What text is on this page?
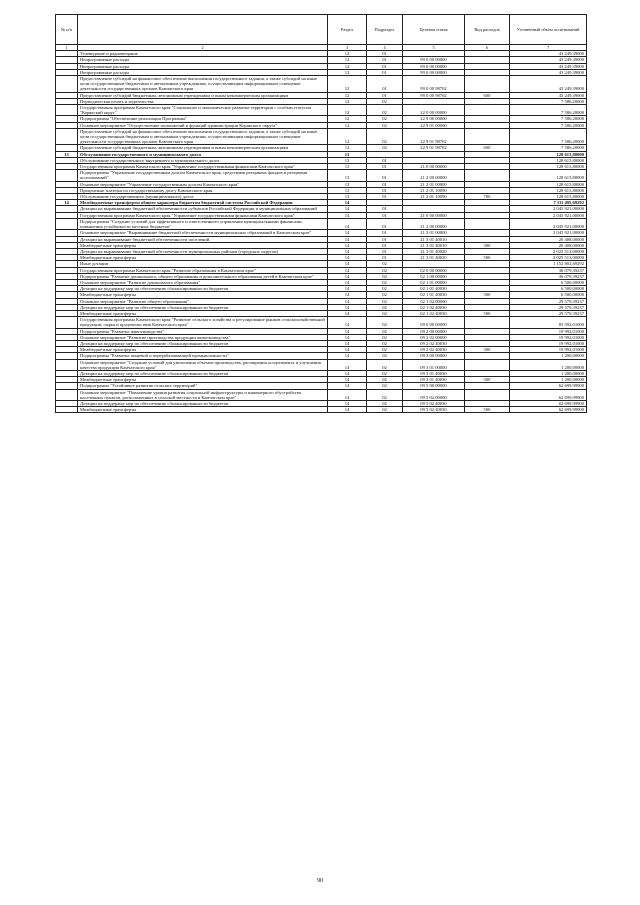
№ п/п		Раздел	Подраздел	Целевая статья	Вид расходов	Уточнённый объём ассигнований
1	2	3	4	5	6	7
	Телевидение и радиовещание	12	01			43 249,39000
	Непрограммные расходы	12	01	99 0 00 00000		43 249,39000
	Непрограммные расходы	12	01	99 0 00 00000		43 249,39000
	Непрограммные расходы	12	01	99 0 00 00000		43 249,39000
	Предоставление субсидий на финансовое обеспечение выполнения государственного задания, а также субсидий на иные цели государственным бюджетным и автономным учреждениям, осуществляющим информационное освещение деятельности государственных органов Камчатского края	12	01	99 0 00 98702		43 249,39000
	Предоставление субсидий бюджетным, автономным учреждениям и иным некоммерческим организациям	12	01	99 0 00 98702	600	43 249,39000
	Периодическая печать и издательства	12	02			7 586,20000
	Государственная программа Камчатского края "Социальное и экономическое развитие территории с особым статусом "Корякский округ"	12	02	22 0 00 00000		7 586,20000
	Подпрограмма "Обеспечение реализации Программы"	12	02	22 9 00 00000		7 586,20000
	Основное мероприятие "Осуществление полномочий и функций администрации Корякского округа"	12	02	22 9 01 00000		7 586,20000
	Предоставление субсидий на финансовое обеспечение выполнения государственного задания, а также субсидий на иные цели государственным бюджетным и автономным учреждениям, осуществляющим информационное освещение деятельности государственных органов Камчатского края	12	02	22 9 01 98702		7 586,20000
	Предоставление субсидий бюджетным, автономным учреждениям и иным некоммерческим организациям	12	02	22 9 01 98702	600	7 586,20000
13	Обслуживание государственного и муниципального долга	13				128 615,80000
	Обслуживание государственного внутреннего и муниципального долга	13	01			128 615,80000
	Государственная программа Камчатского края "Управление государственными финансами Камчатского края"	13	01	21 0 00 00000		128 615,80000
	Подпрограмма "Управление государственным долгом Камчатского края, средствами резервных фондов и резервами ассигнований"	13	01	21 2 00 00000		128 615,80000
	Основное мероприятие "Управление государственным долгом Камчатского края"	13	01	21 2 01 00000		128 615,80000
	Процентные платежи по государственному долгу Камчатского края	13	01	21 2 01 10090		128 615,80000
	Обслуживание государственного (муниципального) долга	13	01	21 2 01 10090	700	128 615,80000
14	Межбюджетные трансферты общего характера бюджетам бюджетной системы Российской Федерации	14				7 111 495,69292
	Дотации на выравнивание бюджетной обеспеченности субъектов Российской Федерации и муниципальных образований	14	01			2 045 921,00000
	Государственная программа Камчатского края "Управление государственными финансами Камчатского края"	14	01	21 0 00 00000		2 045 921,00000
	Подпрограмма "Создание условий для эффективного и ответственного управления муниципальными финансами, повышения устойчивости местных бюджетов"	14	01	21 3 00 00000		2 045 921,00000
	Основное мероприятие "Выравнивание бюджетной обеспеченности муниципальных образований в Камчатском крае"	14	01	21 3 01 00000		2 045 921,00000
	Дотации на выравнивание бюджетной обеспеченности поселений	14	01	21 3 01 40010		20 408,00000
	Межбюджетные трансферты	14	01	21 3 01 40010	500	20 408,00000
	Дотации на выравнивание бюджетной обеспеченности муниципальных районов (городских округов)	14	01	21 3 01 40020		2 025 513,00000
	Межбюджетные трансферты	14	01	21 3 01 40020	500	2 025 513,00000
	Иные дотации	14	02			1 152 802,69292
	Государственная программа Камчатского края "Развитие образования в Камчатском крае"	14	02	02 0 00 00000		36 079,39237
	Подпрограмма "Развитие дошкольного, общего образования и дополнительного образования детей в Камчатском крае"	14	02	02 1 00 00000		36 079,39237
	Основное мероприятие "Развитие дошкольного образования"	14	02	02 1 01 00000		6 500,00000
	Дотации на поддержку мер по обеспечению сбалансированности бюджетов	14	02	02 1 01 40030		6 500,00000
	Межбюджетные трансферты	14	02	02 1 01 40030	500	6 500,00000
	Основное мероприятие "Развитие общего образования"	14	02	02 1 02 00000		29 579,39237
	Дотации на поддержку мер по обеспечению сбалансированности бюджетов	14	02	02 1 02 40030		29 579,39237
	Межбюджетные трансферты	14	02	02 1 02 40030	500	29 579,39237
	Государственная программа Камчатского края "Развитие сельского хозяйства и регулирование рынков сельскохозяйственной продукции, сырья и продовольствия Камчатского края"	14	02	09 0 00 00000		83 592,01000
	Подпрограмма "Развитие животноводства"	14	02	09 2 00 00000		19 992,01000
	Основное мероприятие "Развитие производства продукции животноводства"	14	02	09 2 02 00000		19 992,01000
	Дотации на поддержку мер по обеспечению сбалансированности бюджетов	14	02	09 2 02 40030		19 992,01000
	Межбюджетные трансферты	14	02	09 2 02 40030	500	19 992,01000
	Подпрограмма "Развитие пищевой и перерабатывающей промышленности"	14	02	09 3 00 00000		1 200,00000
	Основное мероприятие "Создание условий для увеличения объемов производства, расширения ассортимента и улучшения качества продукции Камчатского края"	14	02	09 3 01 00000		1 200,00000
	Дотации на поддержку мер по обеспечению сбалансированности бюджетов	14	02	09 3 01 40030		1 200,00000
	Межбюджетные трансферты	14	02	09 3 01 40030	500	1 200,00000
	Подпрограмма "Устойчивое развитие сельских территорий"	14	02	09 5 00 00000		62 699,99900
	Основное мероприятие "Повышение уровня развития социальной инфраструктуры и инженерного обустройства населенных пунктов, расположенных в сельской местности в Камчатском крае"	14	02	09 5 02 00000		62 699,99900
	Дотации на поддержку мер по обеспечению сбалансированности бюджетов	14	02	09 5 02 40030		62 699,99900
	Межбюджетные трансферты	14	02	09 5 02 40030	500	62 699,99900
90
